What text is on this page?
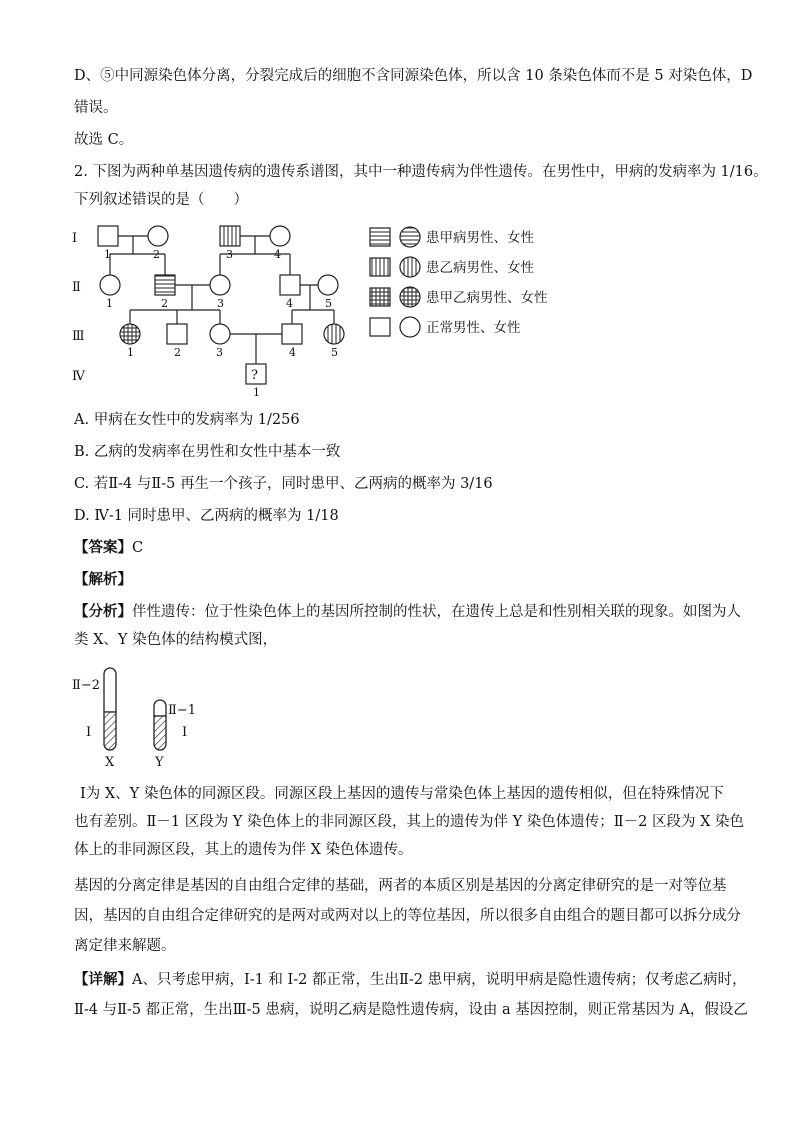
D、⑤中同源染色体分离，分裂完成后的细胞不含同源染色体，所以含 10 条染色体而不是 5 对染色体，D
错误。
故选 C。
2. 下图为两种单基因遗传病的遗传系谱图，其中一种遗传病为伴性遗传。在男性中，甲病的发病率为 1/16。
下列叙述错误的是（　　）
Ⅰ
Ⅱ
Ⅲ
Ⅳ
1	2	3	4
1	2	3	4	5
1	2	3	4	5
1
?
患甲病男性、女性
患乙病男性、女性
患甲乙病男性、女性
正常男性、女性
A. 甲病在女性中的发病率为 1/256
B. 乙病的发病率在男性和女性中基本一致
C. 若Ⅱ-4 与Ⅱ-5 再生一个孩子，同时患甲、乙两病的概率为 3/16
D. Ⅳ-1 同时患甲、乙两病的概率为 1/18
【答案】C
【解析】
【分析】伴性遗传：位于性染色体上的基因所控制的性状，在遗传上总是和性别相关联的现象。如图为人
类 X、Y 染色体的结构模式图，
Ⅱ−2
Ⅱ−1
Ⅰ	Ⅰ
X	Y
Ⅰ为 X、Y 染色体的同源区段。同源区段上基因的遗传与常染色体上基因的遗传相似，但在特殊情况下
也有差别。Ⅱ－1 区段为 Y 染色体上的非同源区段，其上的遗传为伴 Y 染色体遗传；Ⅱ－2 区段为 X 染色
体上的非同源区段，其上的遗传为伴 X 染色体遗传。
基因的分离定律是基因的自由组合定律的基础，两者的本质区别是基因的分离定律研究的是一对等位基
因，基因的自由组合定律研究的是两对或两对以上的等位基因，所以很多自由组合的题目都可以拆分成分
离定律来解题。
【详解】A、只考虑甲病，I-1 和 I-2 都正常，生出Ⅱ-2 患甲病，说明甲病是隐性遗传病；仅考虑乙病时，
Ⅱ-4 与Ⅱ-5 都正常，生出Ⅲ-5 患病，说明乙病是隐性遗传病，设由 a 基因控制，则正常基因为 A，假设乙
